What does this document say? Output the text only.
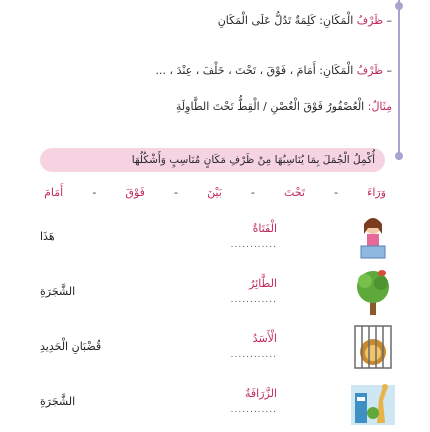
– ظَرْفُ الْمَكَانِ: كَلِمَةٌ تَدُلُّ عَلَى الْمَكَانِ
– ظَرْفُ الْمَكَانِ: أَمَامَ ، فَوْقَ ، تَحْتَ ، خَلْفَ ، عِنْدَ ، ...
مِثَالٌ: الْعُصْفُورُ فَوْقَ الْغُصْنِ / الْقِطُّ تَحْتَ الطَّاوِلَةِ
أُكْمِلُ الْجُمَلَ بِمَا يُنَاسِبُهَا مِنْ ظَرْفِ مَكَانٍ مُنَاسِبٍ وَأَشْكُلُهَا
أَمَامَ	-	فَوْقَ	-	بَيْنَ	-	تَحْتَ	-	وَرَاءَ
الْفَتَاةُ
............
هَذَا
الطَّائِرُ
............
الشَّجَرَةِ
الْأَسَدُ
............
قُضْبَانِ الْحَدِيدِ
الزَّرَافَةُ
............
الشَّجَرَةِ
